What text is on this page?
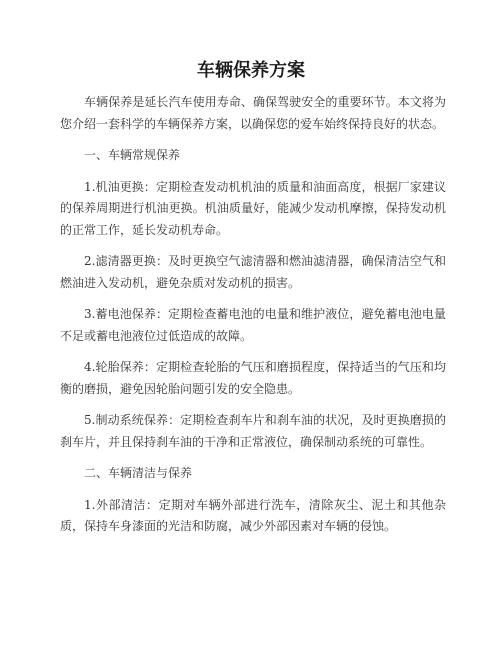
车辆保养方案

车辆保养是延长汽车使用寿命、确保驾驶安全的重要环节。本文将为您介绍一套科学的车辆保养方案，以确保您的爱车始终保持良好的状态。

一、车辆常规保养

1.机油更换：定期检查发动机机油的质量和油面高度，根据厂家建议的保养周期进行机油更换。机油质量好，能减少发动机摩擦，保持发动机的正常工作，延长发动机寿命。

2.滤清器更换：及时更换空气滤清器和燃油滤清器，确保清洁空气和燃油进入发动机，避免杂质对发动机的损害。

3.蓄电池保养：定期检查蓄电池的电量和维护液位，避免蓄电池电量不足或蓄电池液位过低造成的故障。

4.轮胎保养：定期检查轮胎的气压和磨损程度，保持适当的气压和均衡的磨损，避免因轮胎问题引发的安全隐患。

5.制动系统保养：定期检查刹车片和刹车油的状况，及时更换磨损的刹车片，并且保持刹车油的干净和正常液位，确保制动系统的可靠性。

二、车辆清洁与保养

1.外部清洁：定期对车辆外部进行洗车，清除灰尘、泥土和其他杂质，保持车身漆面的光洁和防腐，减少外部因素对车辆的侵蚀。
